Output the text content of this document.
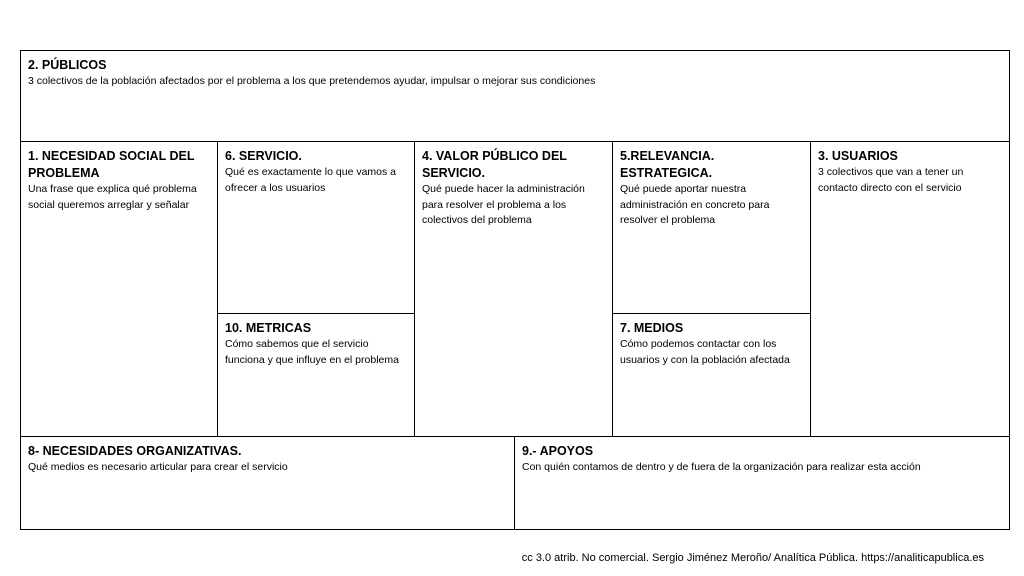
2. PÚBLICOS
3 colectivos de la población afectados por el problema a los que pretendemos ayudar, impulsar o mejorar sus condiciones
1. NECESIDAD SOCIAL DEL PROBLEMA
Una frase que explica qué problema social queremos arreglar y señalar
6. SERVICIO.
Qué es exactamente lo que vamos a ofrecer a los usuarios
10. METRICAS
Cómo sabemos que el servicio funciona y que influye en el problema
4. VALOR PÚBLICO DEL SERVICIO.
Qué puede hacer la administración para resolver el problema a los colectivos del problema
5.RELEVANCIA. ESTRATEGICA.
Qué puede aportar nuestra administración en concreto para resolver el problema
7. MEDIOS
Cómo podemos contactar con los usuarios y con la población afectada
3. USUARIOS
3 colectivos que van a tener un contacto directo con el servicio
8- NECESIDADES ORGANIZATIVAS.
Qué medios es necesario articular para crear el servicio
9.- APOYOS
Con quién contamos de dentro y de fuera de la organización para realizar esta acción
cc 3.0 atrib. No comercial. Sergio Jiménez Meroño/ Analítica Pública. https://analiticapublica.es
